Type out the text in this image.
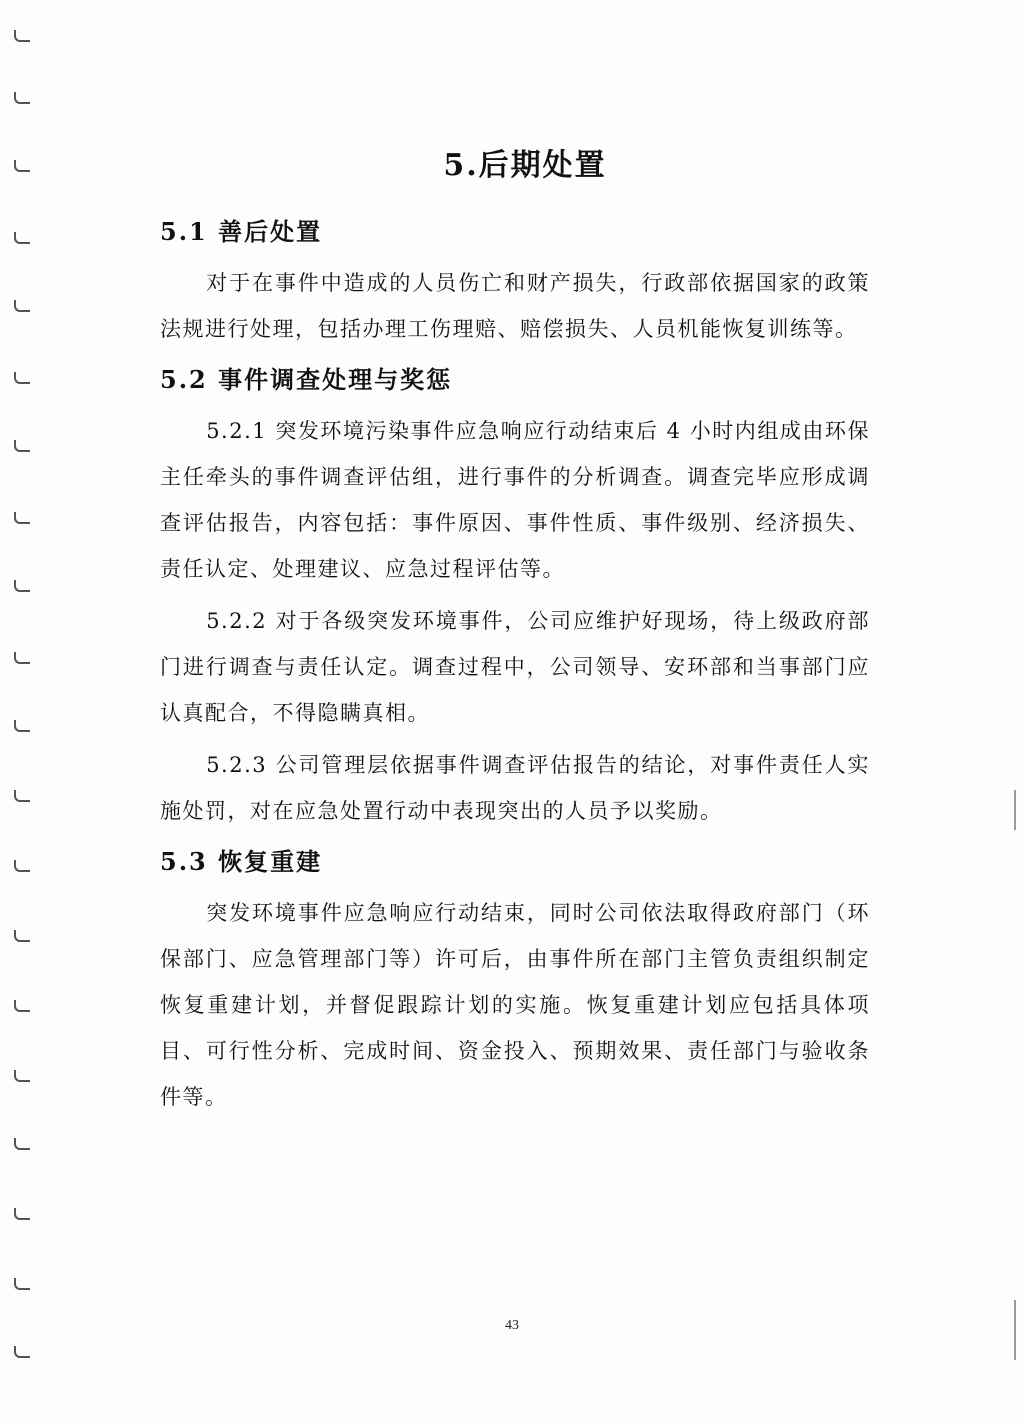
5.后期处置
5.1 善后处置

对于在事件中造成的人员伤亡和财产损失，行政部依据国家的政策法规进行处理，包括办理工伤理赔、赔偿损失、人员机能恢复训练等。

5.2 事件调查处理与奖惩

5.2.1 突发环境污染事件应急响应行动结束后 4 小时内组成由环保主任牵头的事件调查评估组，进行事件的分析调查。调查完毕应形成调查评估报告，内容包括：事件原因、事件性质、事件级别、经济损失、责任认定、处理建议、应急过程评估等。

5.2.2 对于各级突发环境事件，公司应维护好现场，待上级政府部门进行调查与责任认定。调查过程中，公司领导、安环部和当事部门应认真配合，不得隐瞒真相。

5.2.3 公司管理层依据事件调查评估报告的结论，对事件责任人实施处罚，对在应急处置行动中表现突出的人员予以奖励。

5.3 恢复重建

突发环境事件应急响应行动结束，同时公司依法取得政府部门（环保部门、应急管理部门等）许可后，由事件所在部门主管负责组织制定恢复重建计划，并督促跟踪计划的实施。恢复重建计划应包括具体项目、可行性分析、完成时间、资金投入、预期效果、责任部门与验收条件等。

43
